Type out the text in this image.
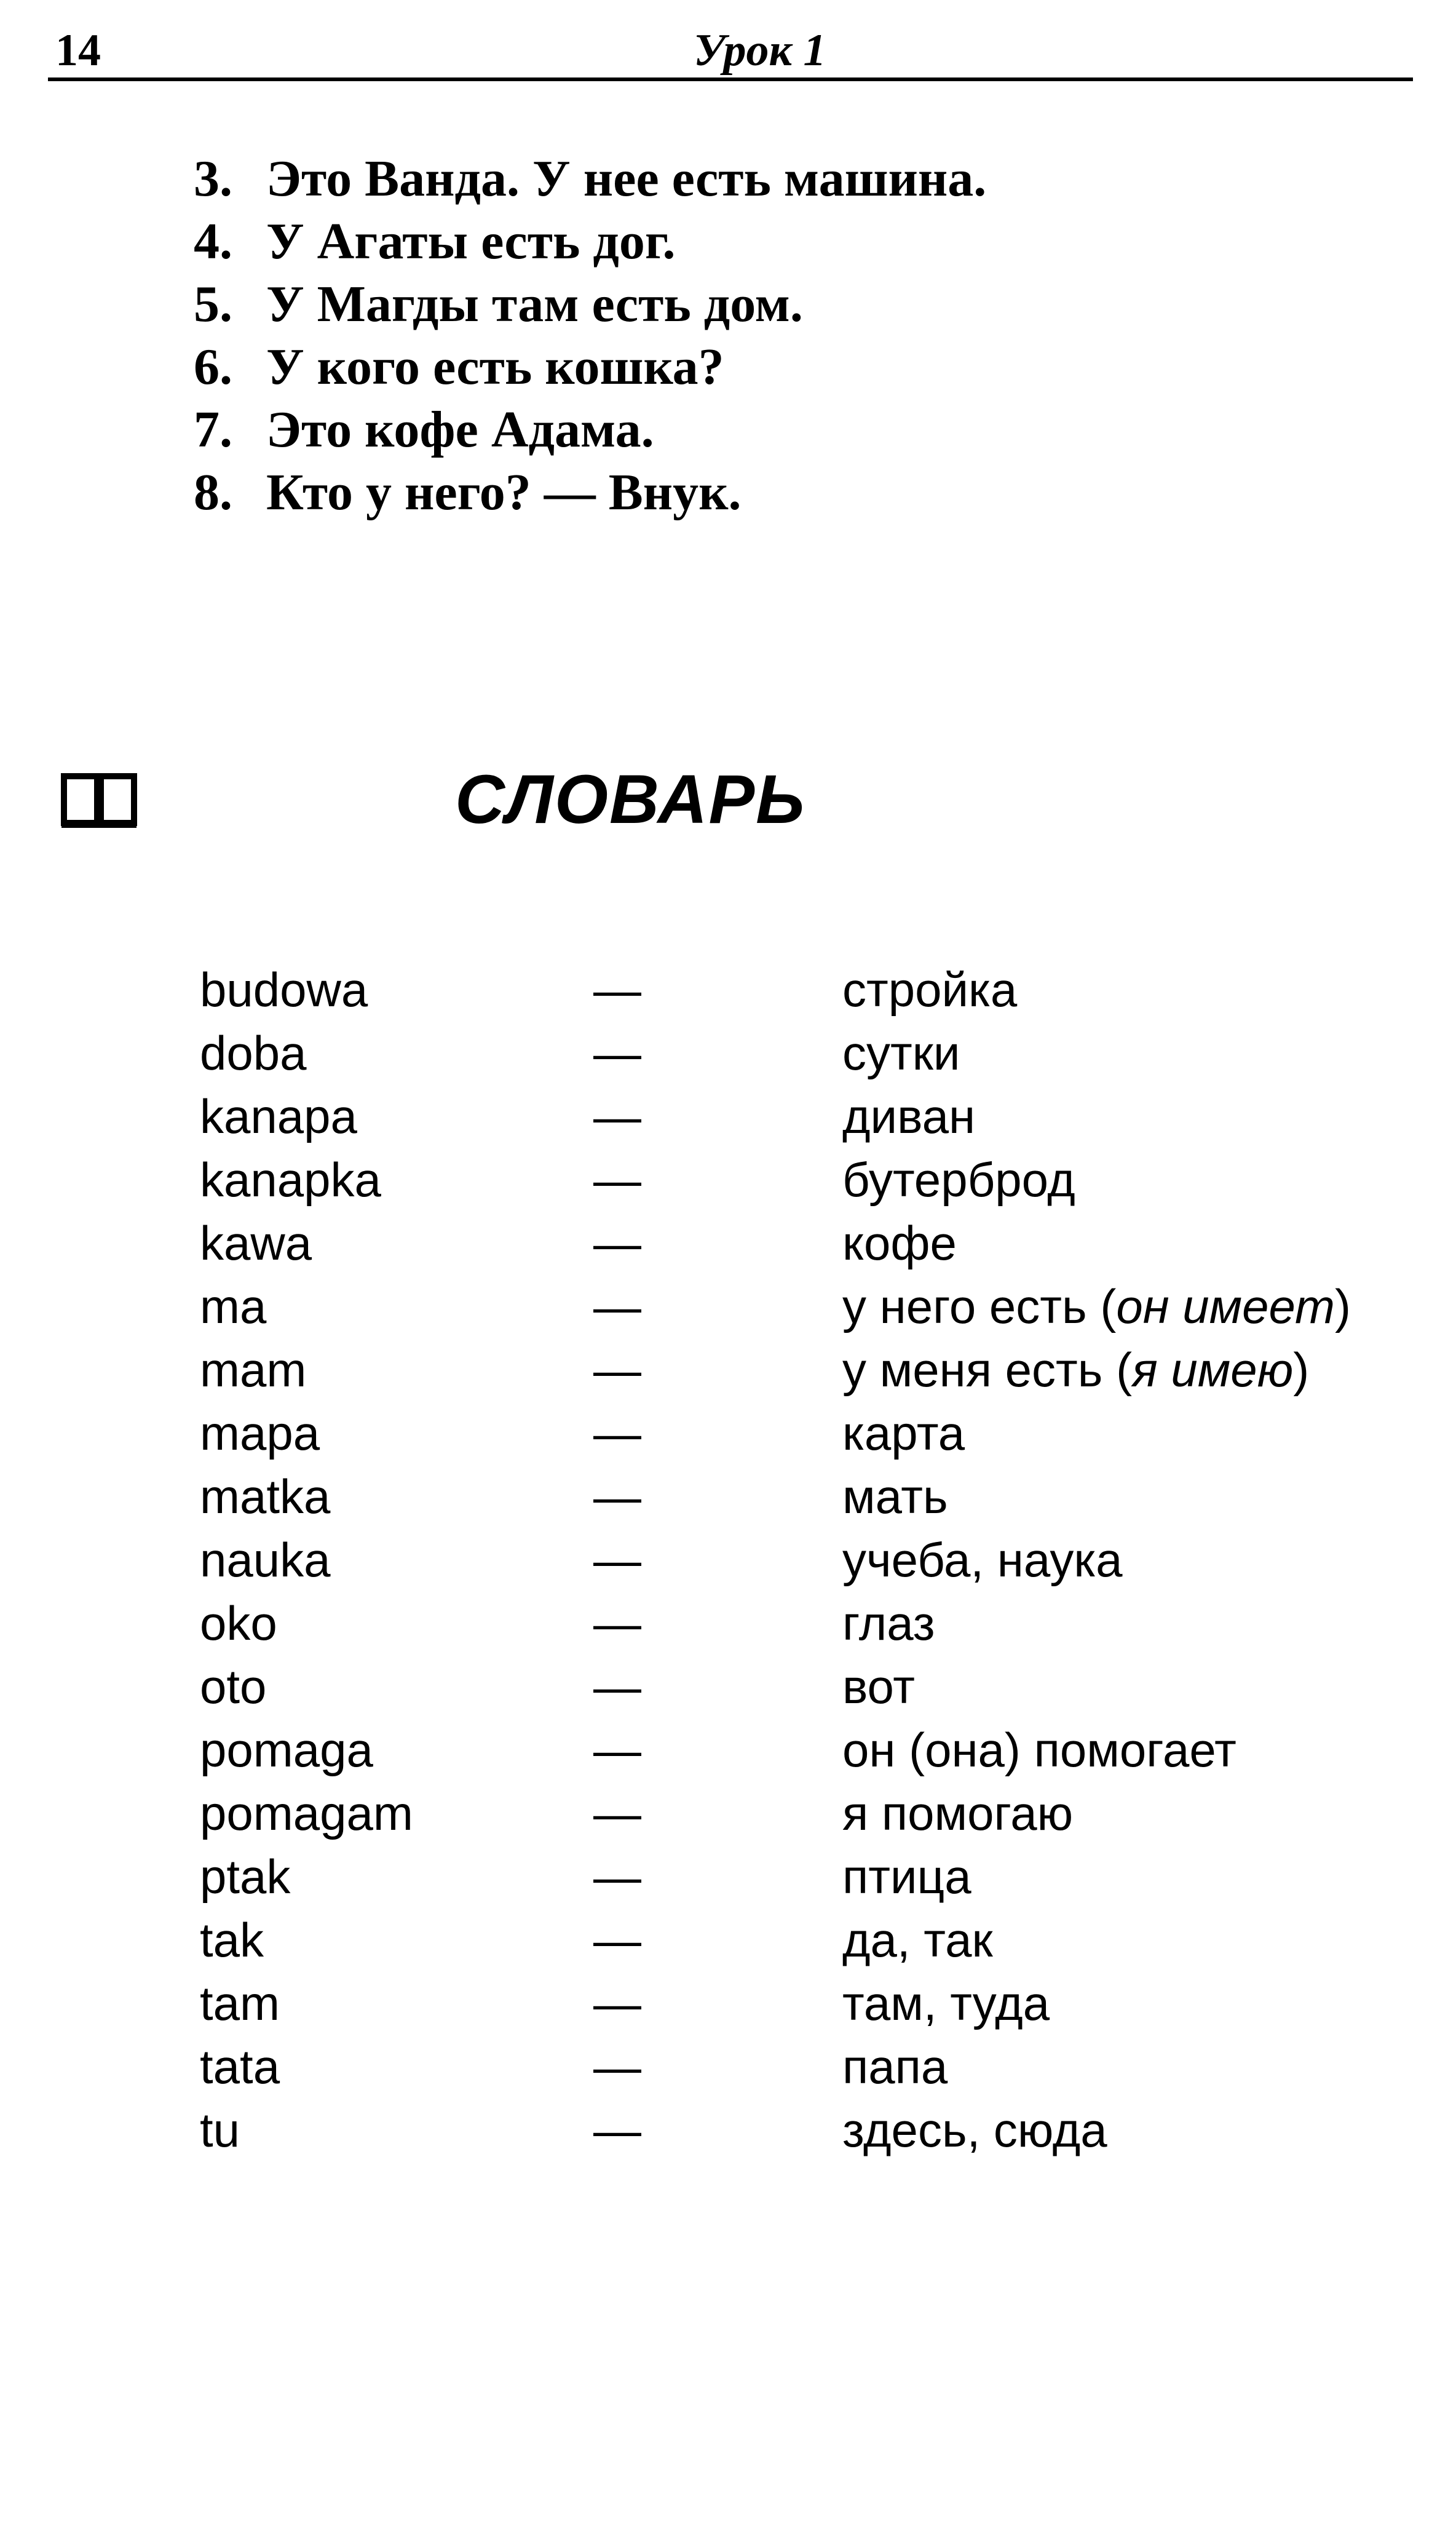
14	Урок 1
3. Это Ванда. У нее есть машина.
4. У Агаты есть дог.
5. У Магды там есть дом.
6. У кого есть кошка?
7. Это кофе Адама.
8. Кто у него? — Внук.
СЛОВАРЬ
budowa	—	стройка
doba	—	сутки
kanapa	—	диван
kanapka	—	бутерброд
kawa	—	кофе
ma	—	у него есть (он имеет)
mam	—	у меня есть (я имею)
mapa	—	карта
matka	—	мать
nauka	—	учеба, наука
oko	—	глаз
oto	—	вот
pomaga	—	он (она) помогает
pomagam	—	я помогаю
ptak	—	птица
tak	—	да, так
tam	—	там, туда
tata	—	папа
tu	—	здесь, сюда
